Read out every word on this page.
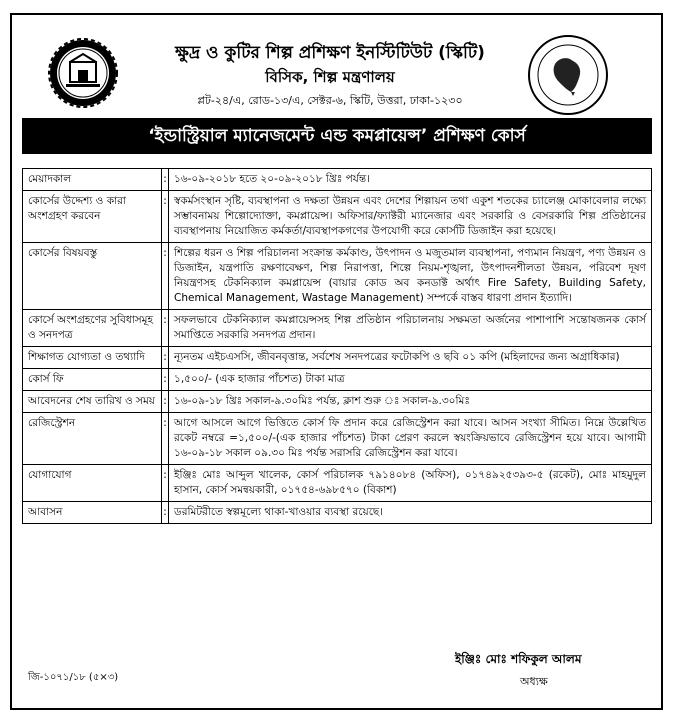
ক্ষুদ্র ও কুটির শিল্প প্রশিক্ষণ ইনস্টিটিউট (স্কিটি)
বিসিক, শিল্প মন্ত্রণালয়
প্লট-২৪/এ, রোড-১৩/এ, সেক্টর-৬, স্কিটি, উত্তরা, ঢাকা-১২৩০
‘ইন্ডাস্ট্রিয়াল ম্যানেজমেন্ট এন্ড কমপ্লায়েন্স’ প্রশিক্ষণ কোর্স
মেয়াদকাল	:	১৬-০৯-২০১৮ হতে ২০-০৯-২০১৮ খ্রিঃ পর্যন্ত।
কোর্সের উদ্দেশ্য ও কারা অংশগ্রহণ করবেন	:	স্বকর্মসংস্থান সৃষ্টি, ব্যবস্থাপনা ও দক্ষতা উন্নয়ন এবং দেশের শিল্পায়ন তথা একুশ শতকের চ্যালেঞ্জ মোকাবেলার লক্ষ্যে সম্ভাবনাময় শিল্পোদ্যোক্তা, কমপ্লায়েন্স। অফিসার/ফ্যাক্টরী ম্যানেজার এবং সরকারি ও বেসরকারি শিল্প প্রতিষ্ঠানের ব্যবস্থাপনায় নিয়োজিত কর্মকর্তা/ব্যবস্থাপকগণের উপযোগী করে কোর্সটি ডিজাইন করা হয়েছে।
কোর্সের বিষয়বস্তু	:	শিল্পের ধরন ও শিল্প পরিচালনা সংক্রান্ত কর্মকাণ্ড, উৎপাদন ও মজুতমাল ব্যবস্থাপনা, পণ্যমান নিয়ন্ত্রণ, পণ্য উন্নয়ন ও ডিজাইন, যন্ত্রপাতি রক্ষণাবেক্ষণ, শিল্প নিরাপত্তা, শিল্পে নিয়ম-শৃঙ্খলা, উৎপাদনশীলতা উন্নয়ন, পরিবেশ দূষণ নিয়ন্ত্রণসহ টেকনিক্যাল কমপ্লায়েন্স (বায়ার কোড অব কনডাক্ট অর্থাৎ Fire Safety, Building Safety, Chemical Management, Wastage Management) সম্পর্কে বাস্তব ধারণা প্রদান ইত্যাদি।
কোর্সে অংশগ্রহণের সুবিধাসমূহ ও সনদপত্র	:	সফলভাবে টেকনিক্যাল কমপ্লায়েন্সসহ শিল্প প্রতিষ্ঠান পরিচালনায় সক্ষমতা অর্জনের পাশাপাশি সন্তোষজনক কোর্স সমাপ্তিতে সরকারি সনদপত্র প্রদান।
শিক্ষাগত যোগ্যতা ও তথ্যাদি	:	ন্যূনতম এইচএসসি, জীবনবৃত্তান্ত, সর্বশেষ সনদপত্রের ফটোকপি ও ছবি ০১ কপি (মহিলাদের জন্য অগ্রাধিকার)
কোর্স ফি	:	১,৫০০/- (এক হাজার পাঁচশত) টাকা মাত্র
আবেদনের শেষ তারিখ ও সময়	:	১৬-০৯-১৮ খ্রিঃ সকাল-৯.৩০মিঃ পর্যন্ত, ক্লাশ শুরু ঃ সকাল-৯.৩০মিঃ
রেজিস্ট্রেশন	:	আগে আসলে আগে ভিত্তিতে কোর্স ফি প্রদান করে রেজিস্ট্রেশন করা যাবে। আসন সংখ্যা সীমিত। নিম্নে উল্লেখিত রকেট নম্বরে =১,৫০০/-(এক হাজার পাঁচশত) টাকা প্রেরণ করলে স্বয়ংক্রিয়ভাবে রেজিস্ট্রেশন হয়ে যাবে। আগামী ১৬-০৯-১৮ সকাল ০৯.৩০ মিঃ পর্যন্ত সরাসরি রেজিস্ট্রেশন করা যাবে।
যোগাযোগ	:	ইঞ্জিঃ মোঃ আব্দুল খালেক, কোর্স পরিচালক ৭৯১৪০৮৪ (অফিস), ০১৭৪৯২৫৩৯৩-৫ (রকেট), মোঃ মাহমুদুল হাসান, কোর্স সমন্বয়কারী, ০১৭৫৪-৬৯৮৫৭০ (বিকাশ)
আবাসন	:	ডরমিটরীতে স্বল্পমূল্যে থাকা-খাওয়ার ব্যবস্থা রয়েছে।
ইঞ্জিঃ মোঃ শফিকুল আলম
অধ্যক্ষ
জি-১০৭১/১৮ (৫×৩)
